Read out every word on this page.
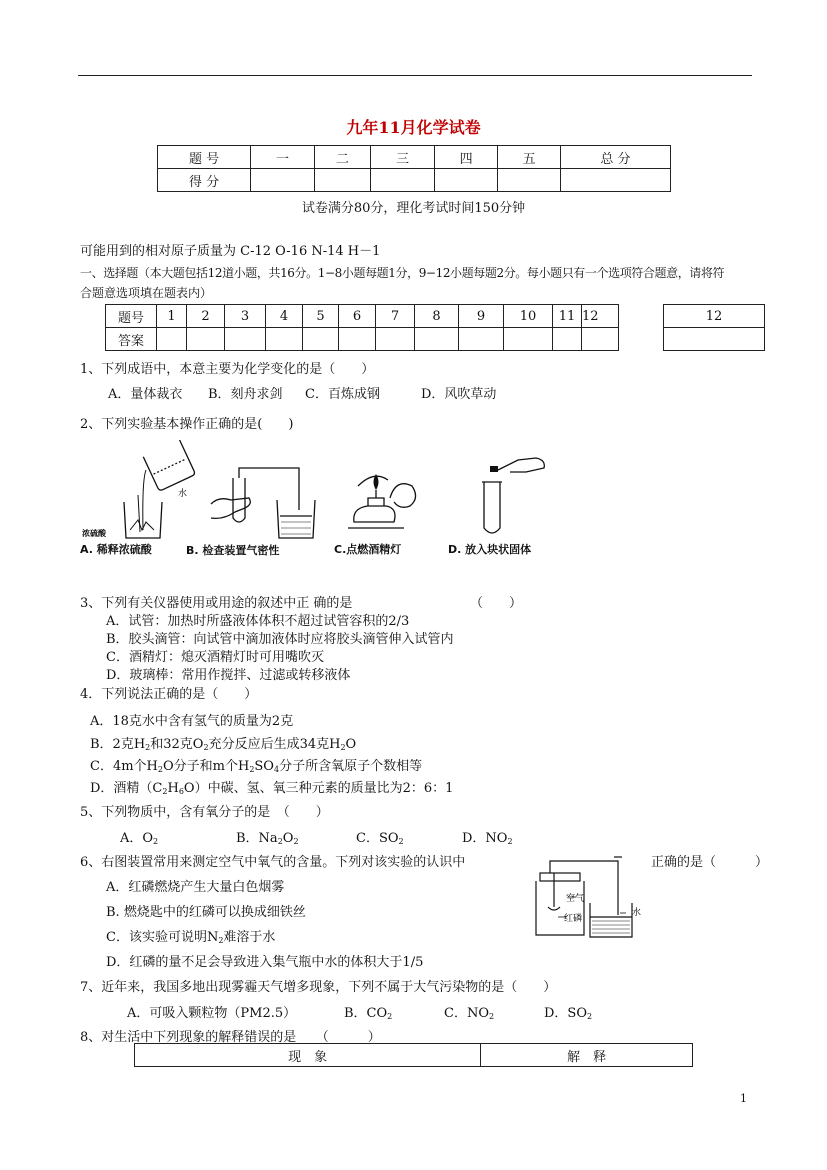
九年11月化学试卷
题 号	一	二	三	四	五	总 分
得 分						
试卷满分80分，理化考试时间150分钟
可能用到的相对原子质量为 C-12 O-16 N-14 H－1
一、选择题（本大题包括12道小题，共16分。1−8小题每题1分，9−12小题每题2分。每小题只有一个选项符合题意，请将符
合题意选项填在题表内）
题号	1	2	3	4	5	6	7	8	9	10	11	12
答案												
12

1、下列成语中，本意主要为化学变化的是（　　）
A．量体裁衣 B．刻舟求剑 C．百炼成钢	D．风吹草动
2、下列实验基本操作正确的是(　　)
水
浓硫酸
A. 稀释浓硫酸	B. 检查装置气密性	C.点燃酒精灯	D. 放入块状固体
3、下列有关仪器使用或用途的叙述中正 确的是	（　　）
A．试管：加热时所盛液体体积不超过试管容积的2/3
B．胶头滴管：向试管中滴加液体时应将胶头滴管伸入试管内
C．酒精灯：熄灭酒精灯时可用嘴吹灭
D．玻璃棒：常用作搅拌、过滤或转移液体
4．下列说法正确的是（　　）
A．18克水中含有氢气的质量为2克
B．2克$H_2$和32克$O_2$充分反应后生成34克$H_2O$
C．4m个$H_2O$分子和m个$H_2SO_4$分子所含氧原子个数相等
D．酒精$(C_2H_6O)$中碳、氢、氧三种元素的质量比为2：6：1
5、下列物质中，含有氧分子的是　（　　）
A．$O_2$	B．$Na_2O_2$	C．$SO_2$	D．$NO_2$
6、右图装置常用来测定空气中氧气的含量。下列对该实验的认识中	正确的是（　　　）
空气
红磷
水
A．红磷燃烧产生大量白色烟雾
B. 燃烧匙中的红磷可以换成细铁丝
C．该实验可说明$N_2$难溶于水
D．红磷的量不足会导致进入集气瓶中水的体积大于1/5
7、近年来，我国多地出现雾霾天气增多现象，下列不属于大气污染物的是（　　）
A．可吸入颗粒物（PM2.5）	B．$CO_2$	C．$NO_2$	D．$SO_2$
8、对生活中下列现象的解释错误的是　　（　　　）
现　象	解　释
1
